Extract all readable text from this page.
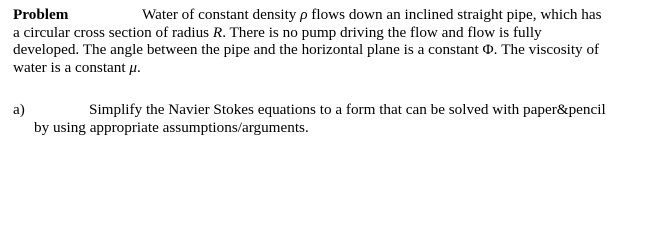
Problem	Water of constant density ρ flows down an inclined straight pipe, which has
a circular cross section of radius R. There is no pump driving the flow and flow is fully
developed. The angle between the pipe and the horizontal plane is a constant Φ. The viscosity of
water is a constant μ.
a)	Simplify the Navier Stokes equations to a form that can be solved with paper&pencil
by using appropriate assumptions/arguments.
